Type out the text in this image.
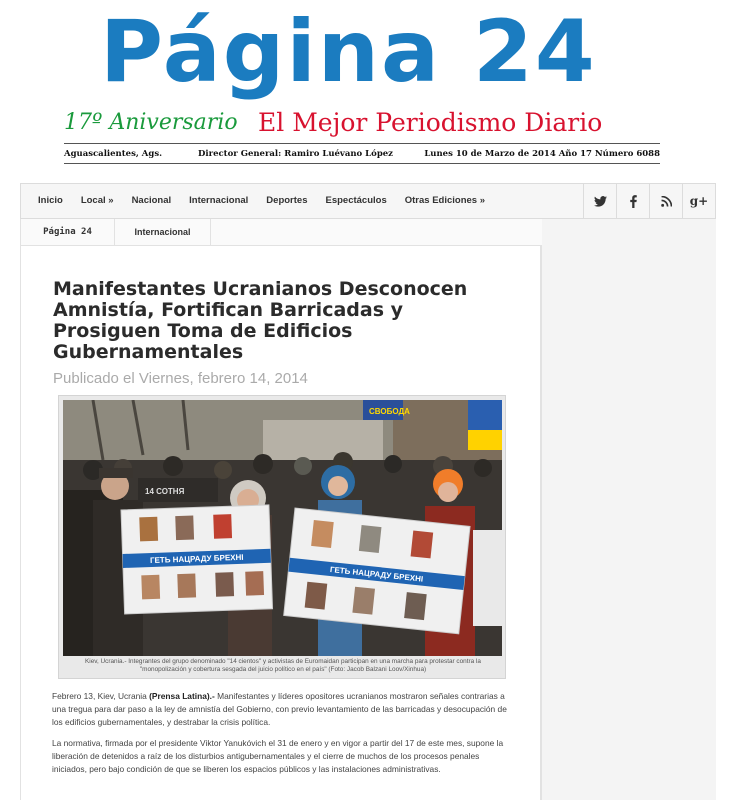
Página 24
17º Aniversario El Mejor Periodismo Diario
Aguascalientes, Ags.	Director General: Ramiro Luévano López	Lunes 10 de Marzo de 2014 Año 17 Número 6088
Inicio	Local »	Nacional	Internacional	Deportes	Espectáculos	Otras Ediciones »	g+
Página 24	Internacional
Manifestantes Ucranianos Desconocen Amnistía, Fortifican Barricadas y Prosiguen Toma de Edificios Gubernamentales
Publicado el Viernes, febrero 14, 2014
СВОБОДА
14 СОТНЯ
ГЕТЬ НАЦРАДУ БРЕХНІ
ГЕТЬ НАЦРАДУ БРЕХНІ
Kiev, Ucrania.- Integrantes del grupo denominado "14 cientos" y activistas de Euromaidan participan en una marcha para protestar contra la "monopolización y cobertura sesgada del juicio político en el país" (Foto: Jacob Balzani Loov/Xinhua)

Febrero 13, Kiev, Ucrania (Prensa Latina).- Manifestantes y líderes opositores ucranianos mostraron señales contrarias a una tregua para dar paso a la ley de amnistía del Gobierno, con previo levantamiento de las barricadas y desocupación de los edificios gubernamentales, y destrabar la crisis política.

La normativa, firmada por el presidente Viktor Yanukóvich el 31 de enero y en vigor a partir del 17 de este mes, supone la liberación de detenidos a raíz de los disturbios antigubernamentales y el cierre de muchos de los procesos penales iniciados, pero bajo condición de que se liberen los espacios públicos y las instalaciones administrativas.
